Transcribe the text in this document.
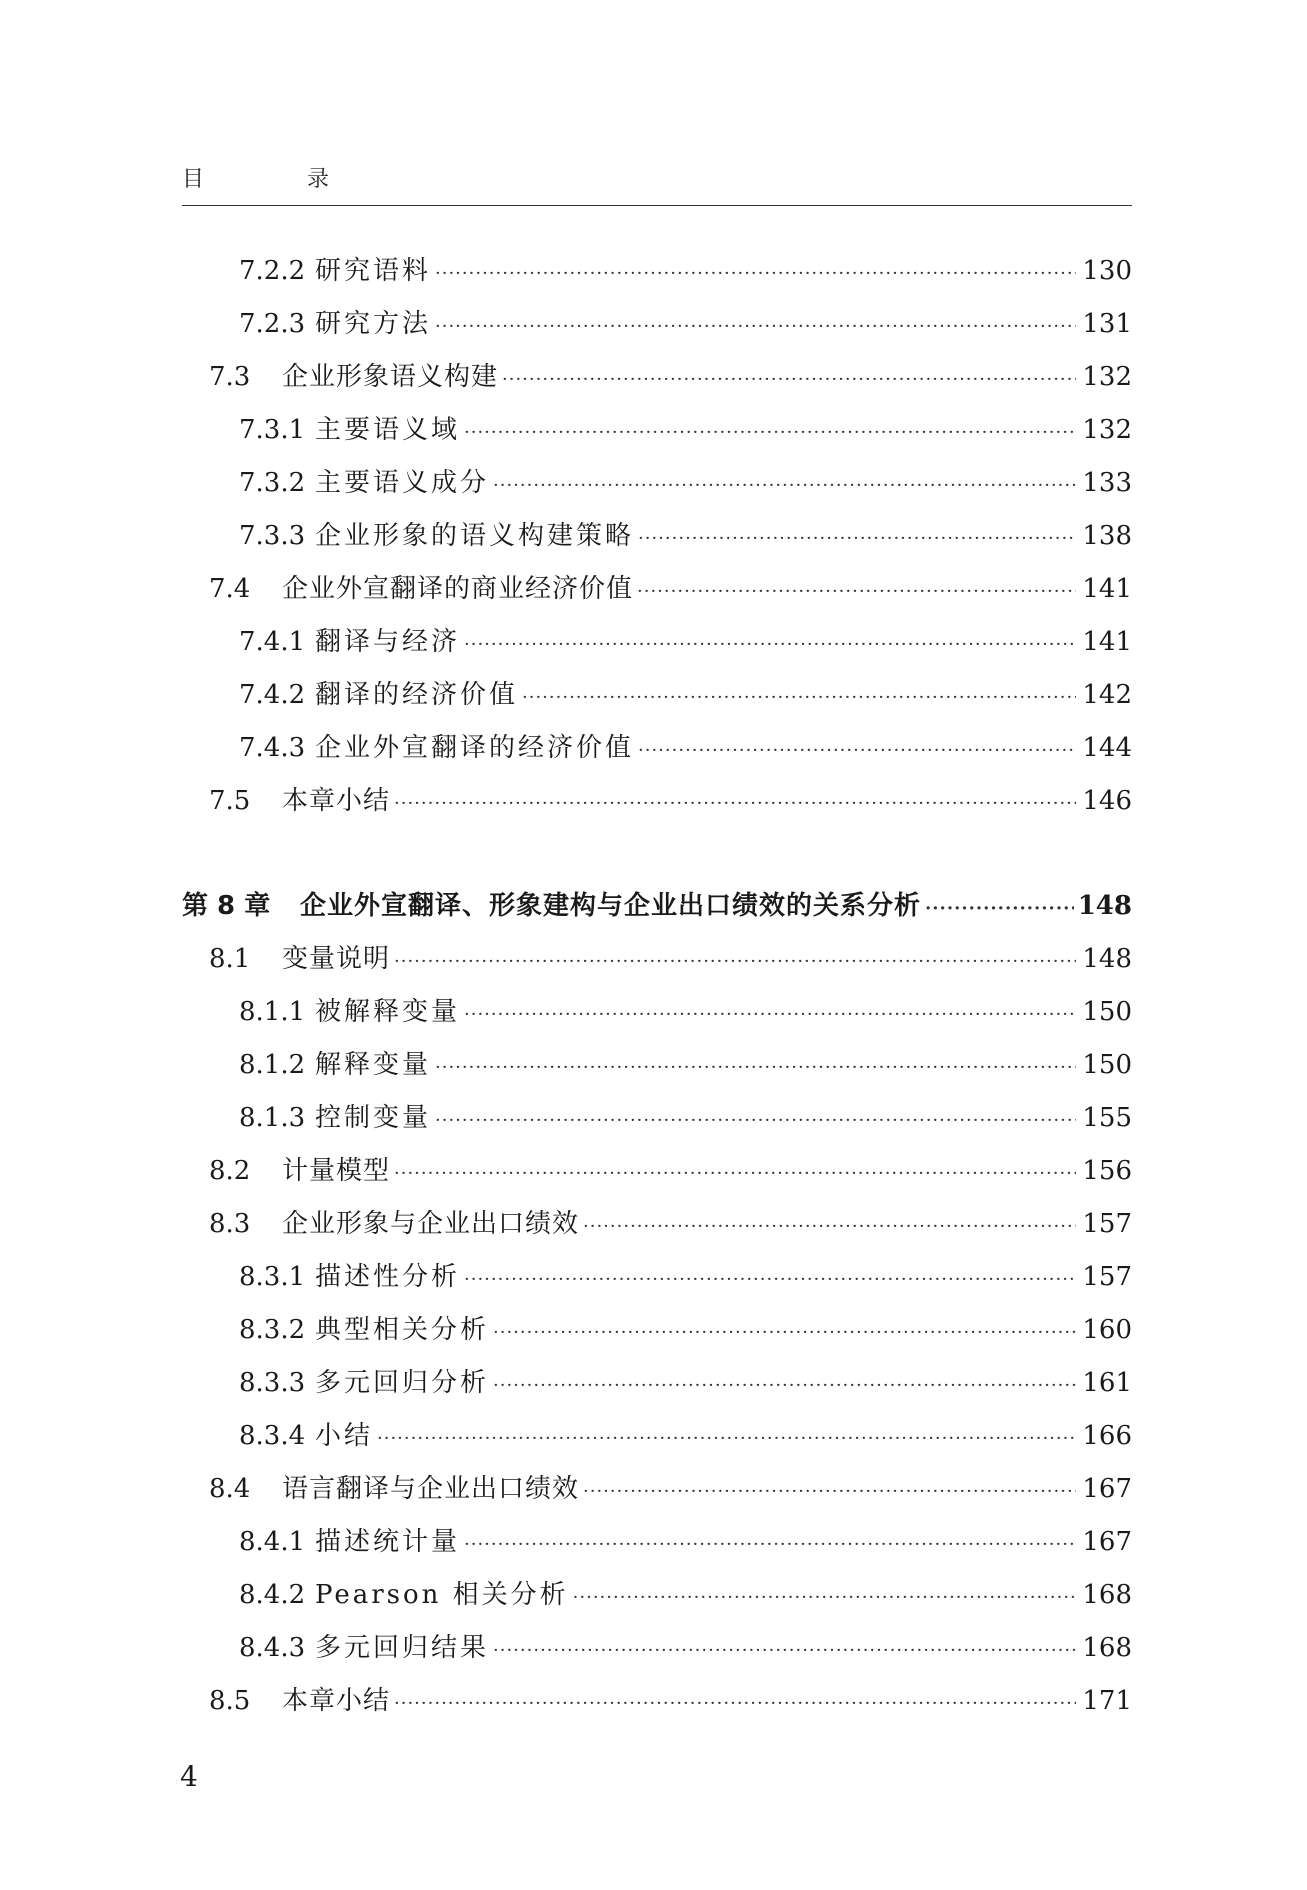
目 录
7.2.2 研究语料 ·····	130
7.2.3 研究方法 ·····	131
7.3	企业形象语义构建 ·····	132
7.3.1 主要语义域 ·····	132
7.3.2 主要语义成分 ·····	133
7.3.3 企业形象的语义构建策略 ·····	138
7.4	企业外宣翻译的商业经济价值 ·····	141
7.4.1 翻译与经济 ·····	141
7.4.2 翻译的经济价值 ·····	142
7.4.3 企业外宣翻译的经济价值 ·····	144
7.5	本章小结 ·····	146
第 8 章	企业外宣翻译、形象建构与企业出口绩效的关系分析 ·····	148
8.1	变量说明 ·····	148
8.1.1 被解释变量 ·····	150
8.1.2 解释变量 ·····	150
8.1.3 控制变量 ·····	155
8.2	计量模型 ·····	156
8.3	企业形象与企业出口绩效 ·····	157
8.3.1 描述性分析 ·····	157
8.3.2 典型相关分析 ·····	160
8.3.3 多元回归分析 ·····	161
8.3.4 小结 ·····	166
8.4	语言翻译与企业出口绩效 ·····	167
8.4.1 描述统计量 ·····	167
8.4.2 Pearson 相关分析 ·····	168
8.4.3 多元回归结果 ·····	168
8.5	本章小结 ·····	171
4
